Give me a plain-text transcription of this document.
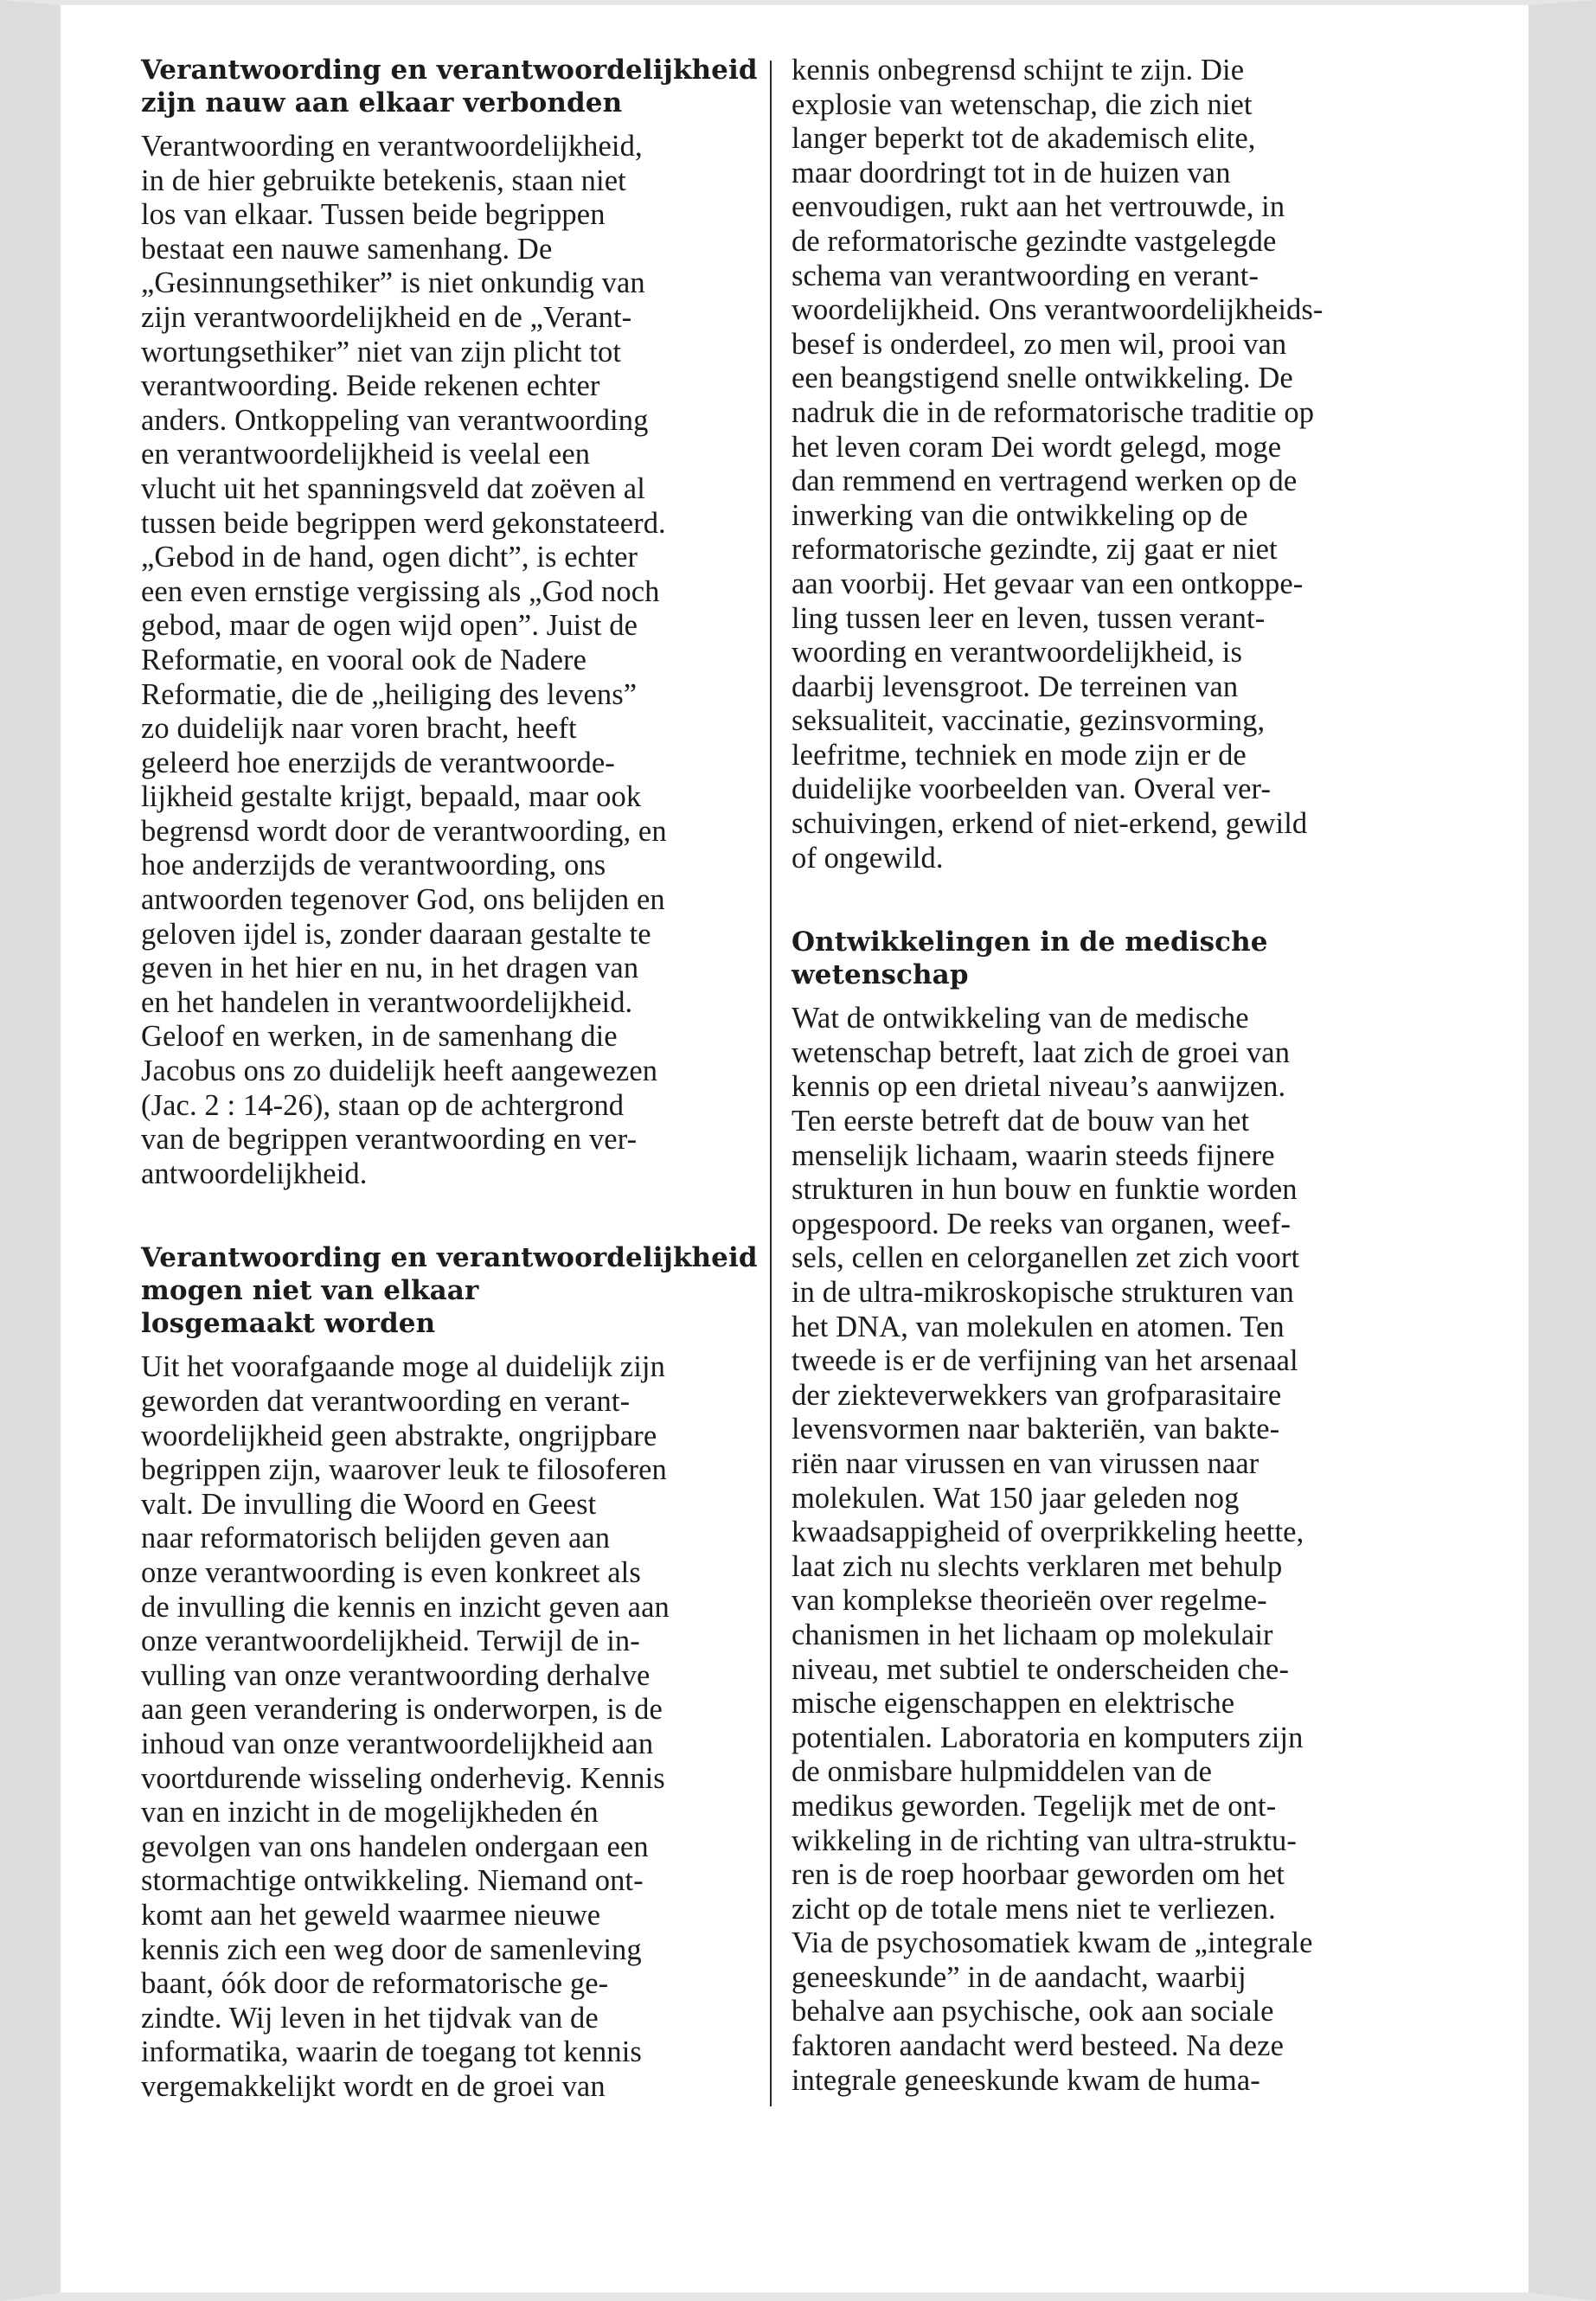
Verantwoording en verantwoordelijkheid
zijn nauw aan elkaar verbonden
Verantwoording en verantwoordelijkheid,
in de hier gebruikte betekenis, staan niet
los van elkaar. Tussen beide begrippen
bestaat een nauwe samenhang. De
„Gesinnungsethiker” is niet onkundig van
zijn verantwoordelijkheid en de „Verant-
wortungsethiker” niet van zijn plicht tot
verantwoording. Beide rekenen echter
anders. Ontkoppeling van verantwoording
en verantwoordelijkheid is veelal een
vlucht uit het spanningsveld dat zoëven al
tussen beide begrippen werd gekonstateerd.
„Gebod in de hand, ogen dicht”, is echter
een even ernstige vergissing als „God noch
gebod, maar de ogen wijd open”. Juist de
Reformatie, en vooral ook de Nadere
Reformatie, die de „heiliging des levens”
zo duidelijk naar voren bracht, heeft
geleerd hoe enerzijds de verantwoorde-
lijkheid gestalte krijgt, bepaald, maar ook
begrensd wordt door de verantwoording, en
hoe anderzijds de verantwoording, ons
antwoorden tegenover God, ons belijden en
geloven ijdel is, zonder daaraan gestalte te
geven in het hier en nu, in het dragen van
en het handelen in verantwoordelijkheid.
Geloof en werken, in de samenhang die
Jacobus ons zo duidelijk heeft aangewezen
(Jac. 2 : 14-26), staan op de achtergrond
van de begrippen verantwoording en ver-
antwoordelijkheid.
Verantwoording en verantwoordelijkheid
mogen niet van elkaar
losgemaakt worden
Uit het voorafgaande moge al duidelijk zijn
geworden dat verantwoording en verant-
woordelijkheid geen abstrakte, ongrijpbare
begrippen zijn, waarover leuk te filosoferen
valt. De invulling die Woord en Geest
naar reformatorisch belijden geven aan
onze verantwoording is even konkreet als
de invulling die kennis en inzicht geven aan
onze verantwoordelijkheid. Terwijl de in-
vulling van onze verantwoording derhalve
aan geen verandering is onderworpen, is de
inhoud van onze verantwoordelijkheid aan
voortdurende wisseling onderhevig. Kennis
van en inzicht in de mogelijkheden én
gevolgen van ons handelen ondergaan een
stormachtige ontwikkeling. Niemand ont-
komt aan het geweld waarmee nieuwe
kennis zich een weg door de samenleving
baant, óók door de reformatorische ge-
zindte. Wij leven in het tijdvak van de
informatika, waarin de toegang tot kennis
vergemakkelijkt wordt en de groei van
kennis onbegrensd schijnt te zijn. Die
explosie van wetenschap, die zich niet
langer beperkt tot de akademisch elite,
maar doordringt tot in de huizen van
eenvoudigen, rukt aan het vertrouwde, in
de reformatorische gezindte vastgelegde
schema van verantwoording en verant-
woordelijkheid. Ons verantwoordelijkheids-
besef is onderdeel, zo men wil, prooi van
een beangstigend snelle ontwikkeling. De
nadruk die in de reformatorische traditie op
het leven coram Dei wordt gelegd, moge
dan remmend en vertragend werken op de
inwerking van die ontwikkeling op de
reformatorische gezindte, zij gaat er niet
aan voorbij. Het gevaar van een ontkoppe-
ling tussen leer en leven, tussen verant-
woording en verantwoordelijkheid, is
daarbij levensgroot. De terreinen van
seksualiteit, vaccinatie, gezinsvorming,
leefritme, techniek en mode zijn er de
duidelijke voorbeelden van. Overal ver-
schuivingen, erkend of niet-erkend, gewild
of ongewild.
Ontwikkelingen in de medische
wetenschap
Wat de ontwikkeling van de medische
wetenschap betreft, laat zich de groei van
kennis op een drietal niveau’s aanwijzen.
Ten eerste betreft dat de bouw van het
menselijk lichaam, waarin steeds fijnere
strukturen in hun bouw en funktie worden
opgespoord. De reeks van organen, weef-
sels, cellen en celorganellen zet zich voort
in de ultra-mikroskopische strukturen van
het DNA, van molekulen en atomen. Ten
tweede is er de verfijning van het arsenaal
der ziekteverwekkers van grofparasitaire
levensvormen naar bakteriën, van bakte-
riën naar virussen en van virussen naar
molekulen. Wat 150 jaar geleden nog
kwaadsappigheid of overprikkeling heette,
laat zich nu slechts verklaren met behulp
van komplekse theorieën over regelme-
chanismen in het lichaam op molekulair
niveau, met subtiel te onderscheiden che-
mische eigenschappen en elektrische
potentialen. Laboratoria en komputers zijn
de onmisbare hulpmiddelen van de
medikus geworden. Tegelijk met de ont-
wikkeling in de richting van ultra-struktu-
ren is de roep hoorbaar geworden om het
zicht op de totale mens niet te verliezen.
Via de psychosomatiek kwam de „integrale
geneeskunde” in de aandacht, waarbij
behalve aan psychische, ook aan sociale
faktoren aandacht werd besteed. Na deze
integrale geneeskunde kwam de huma-
